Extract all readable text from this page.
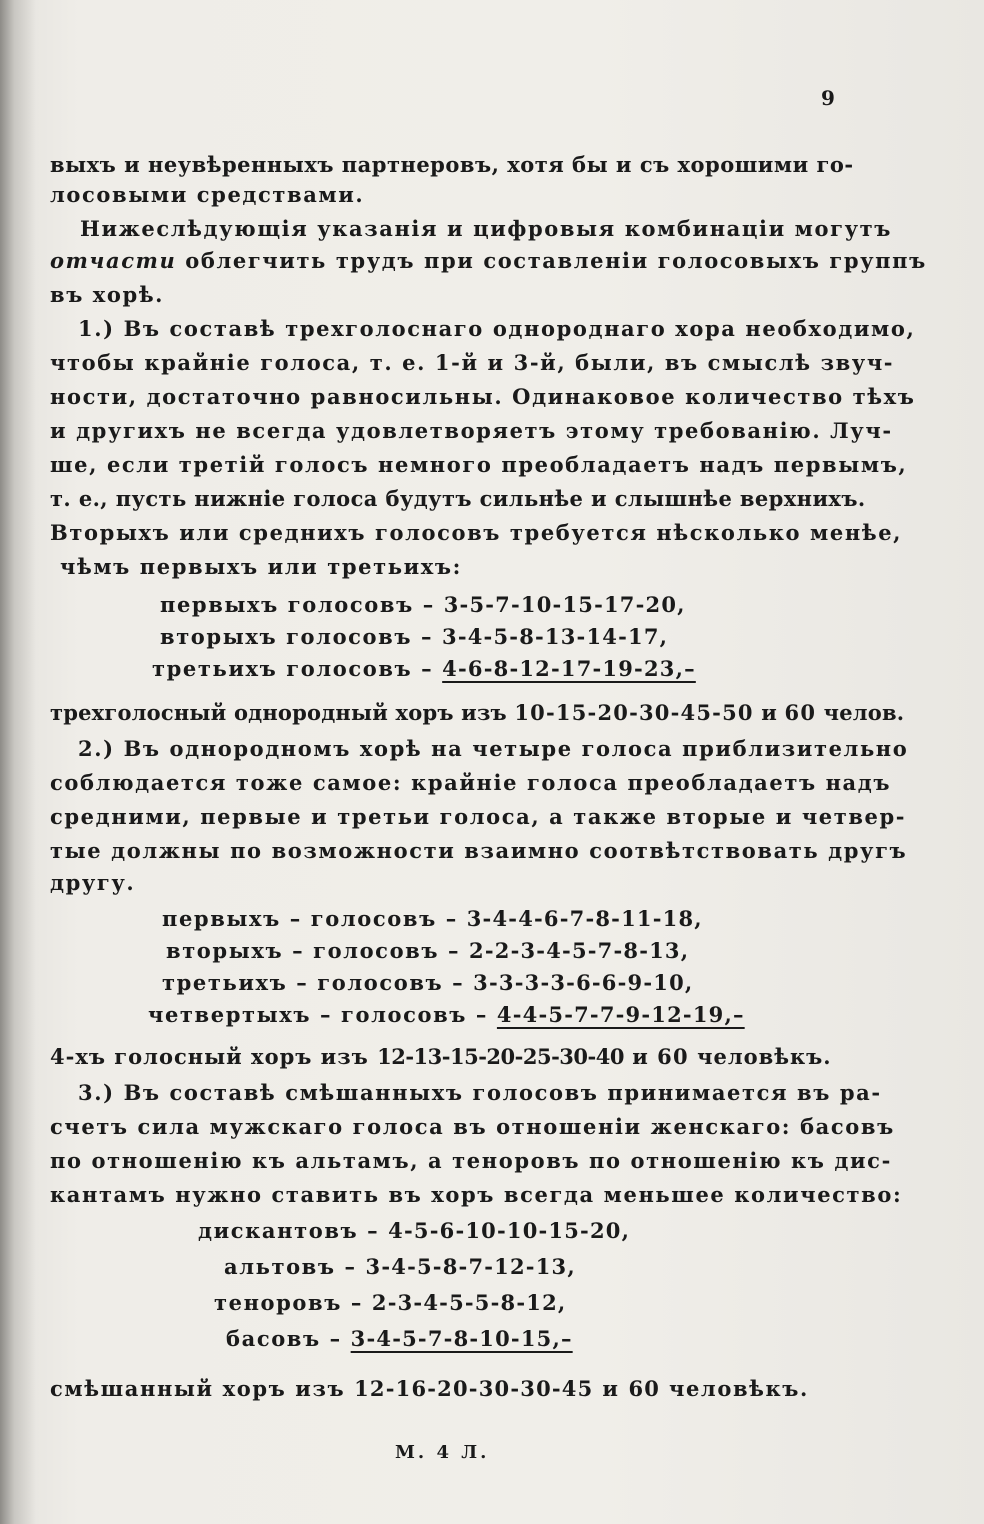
9
выхъ и неувѣренныхъ партнеровъ, хотя бы и съ хорошими го-
лосовыми средствами.
Нижеслѣдующія указанія и цифровыя комбинаціи могутъ
отчасти облегчить трудъ при составленіи голосовыхъ группъ
въ хорѣ.
1.) Въ составѣ трехголоснаго однороднаго хора необходимо,
чтобы крайніе голоса, т. е. 1-й и 3-й, были, въ смыслѣ звуч-
ности, достаточно равносильны. Одинаковое количество тѣхъ
и другихъ не всегда удовлетворяетъ этому требованію. Луч-
ше, если третій голосъ немного преобладаетъ надъ первымъ,
т. е., пусть нижніе голоса будутъ сильнѣе и слышнѣе верхнихъ.
Вторыхъ или среднихъ голосовъ требуется нѣсколько менѣе,
чѣмъ первыхъ или третьихъ:
первыхъ голосовъ – 3-5-7-10-15-17-20,
вторыхъ голосовъ – 3-4-5-8-13-14-17,
третьихъ голосовъ – 4-6-8-12-17-19-23,–
трехголосный однородный хоръ изъ 10-15-20-30-45-50 и 60 челов.
2.) Въ однородномъ хорѣ на четыре голоса приблизительно
соблюдается тоже самое: крайніе голоса преобладаетъ надъ
средними, первые и третьи голоса, а также вторые и четвер-
тые должны по возможности взаимно соотвѣтствовать другъ
другу.
первыхъ – голосовъ – 3-4-4-6-7-8-11-18,
вторыхъ – голосовъ – 2-2-3-4-5-7-8-13,
третьихъ – голосовъ – 3-3-3-3-6-6-9-10,
четвертыхъ – голосовъ – 4-4-5-7-7-9-12-19,–
4-хъ голосный хоръ изъ 12-13-15-20-25-30-40 и 60 человѣкъ.
3.) Въ составѣ смѣшанныхъ голосовъ принимается въ ра-
счетъ сила мужскаго голоса въ отношеніи женскаго: басовъ
по отношенію къ альтамъ, а теноровъ по отношенію къ дис-
кантамъ нужно ставить въ хоръ всегда меньшее количество:
дискантовъ – 4-5-6-10-10-15-20,
альтовъ – 3-4-5-8-7-12-13,
теноровъ – 2-3-4-5-5-8-12,
басовъ – 3-4-5-7-8-10-15,–
смѣшанный хоръ изъ 12-16-20-30-30-45 и 60 человѣкъ.
М. 4 Л.
